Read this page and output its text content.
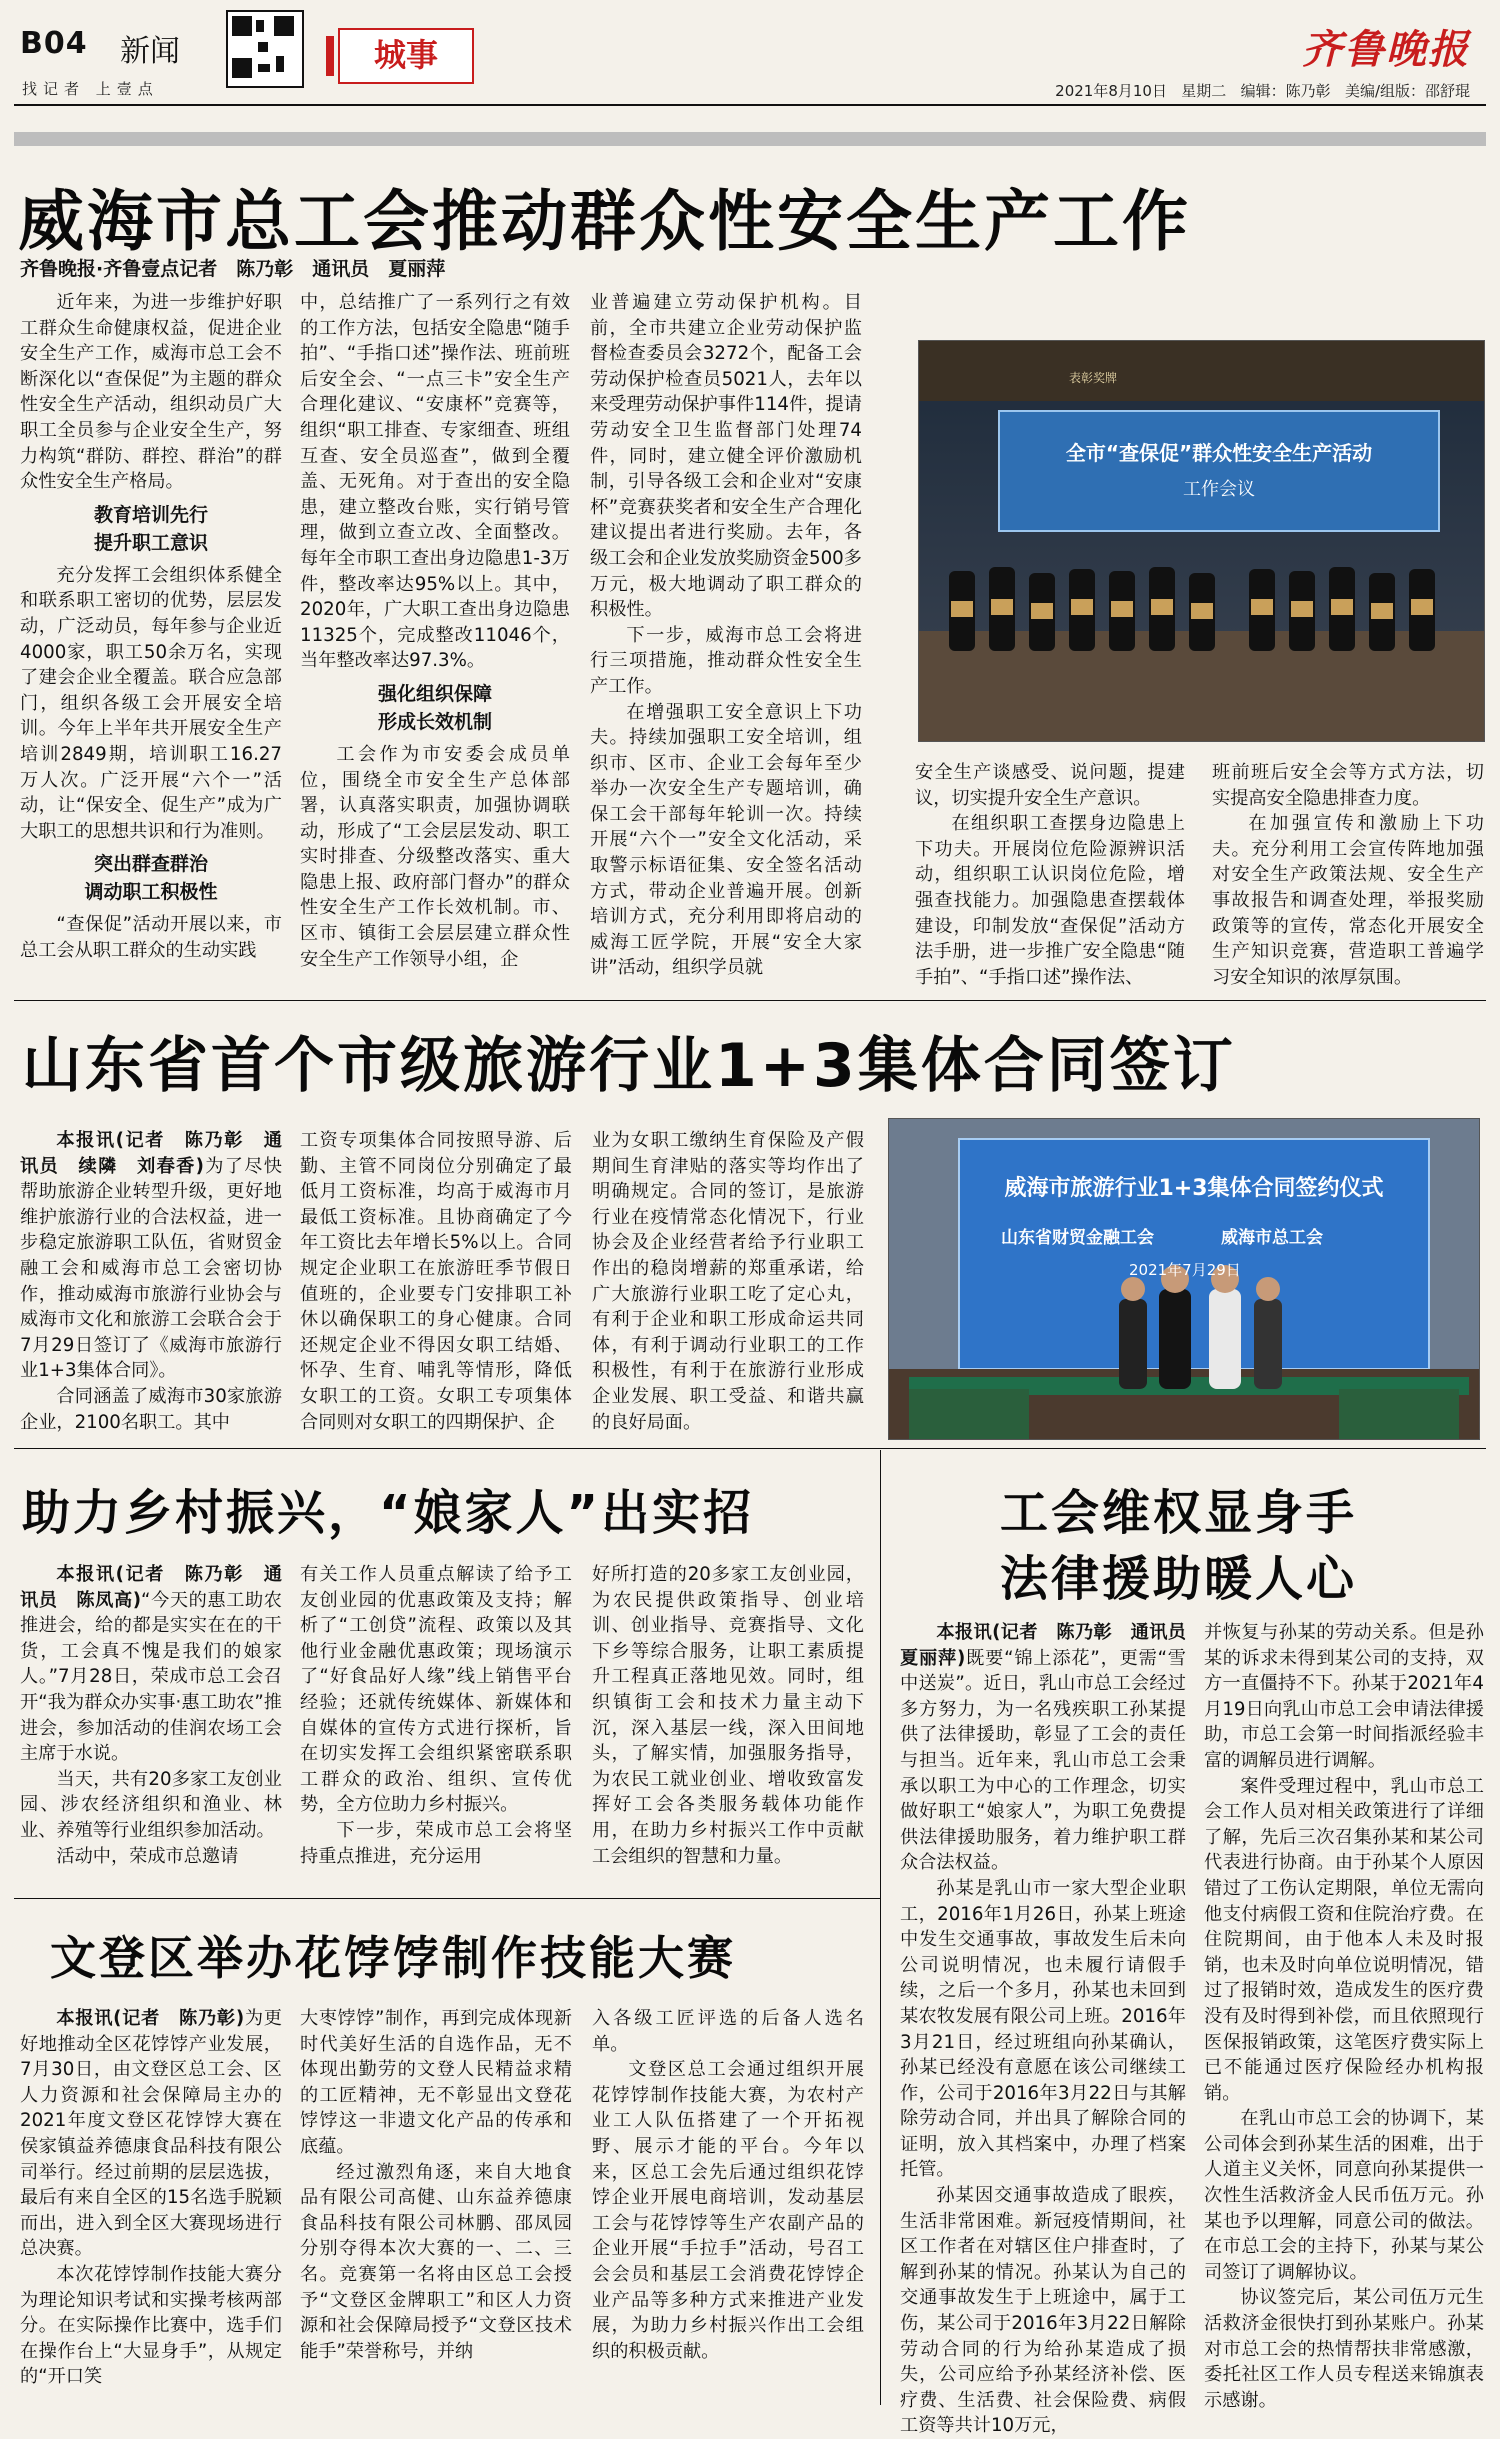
B04 新闻
找记者 上壹点
城事	齐鲁晚报
2021年8月10日 星期二 编辑：陈乃彰 美编/组版：邵舒琨
威海市总工会推动群众性安全生产工作
齐鲁晚报·齐鲁壹点记者　陈乃彰　通讯员　夏丽萍

近年来，为进一步维护好职工群众生命健康权益，促进企业安全生产工作，威海市总工会不断深化以“查保促”为主题的群众性安全生产活动，组织动员广大职工全员参与企业安全生产，努力构筑“群防、群控、群治”的群众性安全生产格局。

教育培训先行
提升职工意识

充分发挥工会组织体系健全和联系职工密切的优势，层层发动，广泛动员，每年参与企业近4000家，职工50余万名，实现了建会企业全覆盖。联合应急部门，组织各级工会开展安全培训。今年上半年共开展安全生产培训2849期，培训职工16.27万人次。广泛开展“六个一”活动，让“保安全、促生产”成为广大职工的思想共识和行为准则。

突出群查群治
调动职工积极性

“查保促”活动开展以来，市总工会从职工群众的生动实践

中，总结推广了一系列行之有效的工作方法，包括安全隐患“随手拍”、“手指口述”操作法、班前班后安全会、“一点三卡”安全生产合理化建议、“安康杯”竞赛等，组织“职工排查、专家细查、班组互查、安全员巡查”，做到全覆盖、无死角。对于查出的安全隐患，建立整改台账，实行销号管理，做到立查立改、全面整改。每年全市职工查出身边隐患1-3万件，整改率达95%以上。其中，2020年，广大职工查出身边隐患11325个，完成整改11046个，当年整改率达97.3%。

强化组织保障
形成长效机制

工会作为市安委会成员单位，围绕全市安全生产总体部署，认真落实职责，加强协调联动，形成了“工会层层发动、职工实时排查、分级整改落实、重大隐患上报、政府部门督办”的群众性安全生产工作长效机制。市、区市、镇街工会层层建立群众性安全生产工作领导小组，企

业普遍建立劳动保护机构。目前，全市共建立企业劳动保护监督检查委员会3272个，配备工会劳动保护检查员5021人，去年以来受理劳动保护事件114件，提请劳动安全卫生监督部门处理74件，同时，建立健全评价激励机制，引导各级工会和企业对“安康杯”竞赛获奖者和安全生产合理化建议提出者进行奖励。去年，各级工会和企业发放奖励资金500多万元，极大地调动了职工群众的积极性。

下一步，威海市总工会将进行三项措施，推动群众性安全生产工作。

在增强职工安全意识上下功夫。持续加强职工安全培训，组织市、区市、企业工会每年至少举办一次安全生产专题培训，确保工会干部每年轮训一次。持续开展“六个一”安全文化活动，采取警示标语征集、安全签名活动方式，带动企业普遍开展。创新培训方式，充分利用即将启动的威海工匠学院，开展“安全大家讲”活动，组织学员就

全市“查保促”群众性安全生产活动
工作会议
表彰奖牌

安全生产谈感受、说问题，提建议，切实提升安全生产意识。

在组织职工查摆身边隐患上下功夫。开展岗位危险源辨识活动，组织职工认识岗位危险，增强查找能力。加强隐患查摆载体建设，印制发放“查保促”活动方法手册，进一步推广安全隐患“随手拍”、“手指口述”操作法、

班前班后安全会等方式方法，切实提高安全隐患排查力度。

在加强宣传和激励上下功夫。充分利用工会宣传阵地加强对安全生产政策法规、安全生产事故报告和调查处理，举报奖励政策等的宣传，常态化开展安全生产知识竞赛，营造职工普遍学习安全知识的浓厚氛围。

山东省首个市级旅游行业1+3集体合同签订

本报讯(记者　陈乃彰　通讯员　续隣　刘春香)为了尽快帮助旅游企业转型升级，更好地维护旅游行业的合法权益，进一步稳定旅游职工队伍，省财贸金融工会和威海市总工会密切协作，推动威海市旅游行业协会与威海市文化和旅游工会联合会于7月29日签订了《威海市旅游行业1+3集体合同》。

合同涵盖了威海市30家旅游企业，2100名职工。其中

工资专项集体合同按照导游、后勤、主管不同岗位分别确定了最低月工资标准，均高于威海市月最低工资标准。且协商确定了今年工资比去年增长5%以上。合同规定企业职工在旅游旺季节假日值班的，企业要专门安排职工补休以确保职工的身心健康。合同还规定企业不得因女职工结婚、怀孕、生育、哺乳等情形，降低女职工的工资。女职工专项集体合同则对女职工的四期保护、企

业为女职工缴纳生育保险及产假期间生育津贴的落实等均作出了明确规定。合同的签订，是旅游行业在疫情常态化情况下，行业协会及企业经营者给予行业职工作出的稳岗增薪的郑重承诺，给广大旅游行业职工吃了定心丸，有利于企业和职工形成命运共同体，有利于调动行业职工的工作积极性，有利于在旅游行业形成企业发展、职工受益、和谐共赢的良好局面。

威海市旅游行业1+3集体合同签约仪式
山东省财贸金融工会	威海市总工会
2021年7月29日
助力乡村振兴，“娘家人”出实招

本报讯(记者　陈乃彰　通讯员　陈凤高)“今天的惠工助农推进会，给的都是实实在在的干货，工会真不愧是我们的娘家人。”7月28日，荣成市总工会召开“我为群众办实事·惠工助农”推进会，参加活动的佳润农场工会主席于水说。

当天，共有20多家工友创业园、涉农经济组织和渔业、林业、养殖等行业组织参加活动。

活动中，荣成市总邀请

有关工作人员重点解读了给予工友创业园的优惠政策及支持；解析了“工创贷”流程、政策以及其他行业金融优惠政策；现场演示了“好食品好人缘”线上销售平台经验；还就传统媒体、新媒体和自媒体的宣传方式进行探析，旨在切实发挥工会组织紧密联系职工群众的政治、组织、宣传优势，全方位助力乡村振兴。

下一步，荣成市总工会将坚持重点推进，充分运用

好所打造的20多家工友创业园，为农民提供政策指导、创业培训、创业指导、竞赛指导、文化下乡等综合服务，让职工素质提升工程真正落地见效。同时，组织镇街工会和技术力量主动下沉，深入基层一线，深入田间地头，了解实情，加强服务指导，为农民工就业创业、增收致富发挥好工会各类服务载体功能作用，在助力乡村振兴工作中贡献工会组织的智慧和力量。

文登区举办花饽饽制作技能大赛

本报讯(记者　陈乃彰)为更好地推动全区花饽饽产业发展，7月30日，由文登区总工会、区人力资源和社会保障局主办的2021年度文登区花饽饽大赛在侯家镇益养德康食品科技有限公司举行。经过前期的层层选拔，最后有来自全区的15名选手脱颖而出，进入到全区大赛现场进行总决赛。

本次花饽饽制作技能大赛分为理论知识考试和实操考核两部分。在实际操作比赛中，选手们在操作台上“大显身手”，从规定的“开口笑

大枣饽饽”制作，再到完成体现新时代美好生活的自选作品，无不体现出勤劳的文登人民精益求精的工匠精神，无不彰显出文登花饽饽这一非遗文化产品的传承和底蕴。

经过激烈角逐，来自大地食品有限公司高健、山东益养德康食品科技有限公司林鹏、邵凤园分别夺得本次大赛的一、二、三名。竞赛第一名将由区总工会授予“文登区金牌职工”和区人力资源和社会保障局授予“文登区技术能手”荣誉称号，并纳

入各级工匠评选的后备人选名单。

文登区总工会通过组织开展花饽饽制作技能大赛，为农村产业工人队伍搭建了一个开拓视野、展示才能的平台。今年以来，区总工会先后通过组织花饽饽企业开展电商培训，发动基层工会与花饽饽等生产农副产品的企业开展“手拉手”活动，号召工会会员和基层工会消费花饽饽企业产品等多种方式来推进产业发展，为助力乡村振兴作出工会组织的积极贡献。

工会维权显身手
法律援助暖人心

本报讯(记者　陈乃彰　通讯员　夏丽萍)既要“锦上添花”，更需“雪中送炭”。近日，乳山市总工会经过多方努力，为一名残疾职工孙某提供了法律援助，彰显了工会的责任与担当。近年来，乳山市总工会秉承以职工为中心的工作理念，切实做好职工“娘家人”，为职工免费提供法律援助服务，着力维护职工群众合法权益。

孙某是乳山市一家大型企业职工，2016年1月26日，孙某上班途中发生交通事故，事故发生后未向公司说明情况，也未履行请假手续，之后一个多月，孙某也未回到某农牧发展有限公司上班。2016年3月21日，经过班组向孙某确认，孙某已经没有意愿在该公司继续工作，公司于2016年3月22日与其解除劳动合同，并出具了解除合同的证明，放入其档案中，办理了档案托管。

孙某因交通事故造成了眼疾，生活非常困难。新冠疫情期间，社区工作者在对辖区住户排查时，了解到孙某的情况。孙某认为自己的交通事故发生于上班途中，属于工伤，某公司于2016年3月22日解除劳动合同的行为给孙某造成了损失，公司应给予孙某经济补偿、医疗费、生活费、社会保险费、病假工资等共计10万元，

并恢复与孙某的劳动关系。但是孙某的诉求未得到某公司的支持，双方一直僵持不下。孙某于2021年4月19日向乳山市总工会申请法律援助，市总工会第一时间指派经验丰富的调解员进行调解。

案件受理过程中，乳山市总工会工作人员对相关政策进行了详细了解，先后三次召集孙某和某公司代表进行协商。由于孙某个人原因错过了工伤认定期限，单位无需向他支付病假工资和住院治疗费。在住院期间，由于他本人未及时报销，也未及时向单位说明情况，错过了报销时效，造成发生的医疗费没有及时得到补偿，而且依照现行医保报销政策，这笔医疗费实际上已不能通过医疗保险经办机构报销。

在乳山市总工会的协调下，某公司体会到孙某生活的困难，出于人道主义关怀，同意向孙某提供一次性生活救济金人民币伍万元。孙某也予以理解，同意公司的做法。在市总工会的主持下，孙某与某公司签订了调解协议。

协议签完后，某公司伍万元生活救济金很快打到孙某账户。孙某对市总工会的热情帮扶非常感激，委托社区工作人员专程送来锦旗表示感谢。
